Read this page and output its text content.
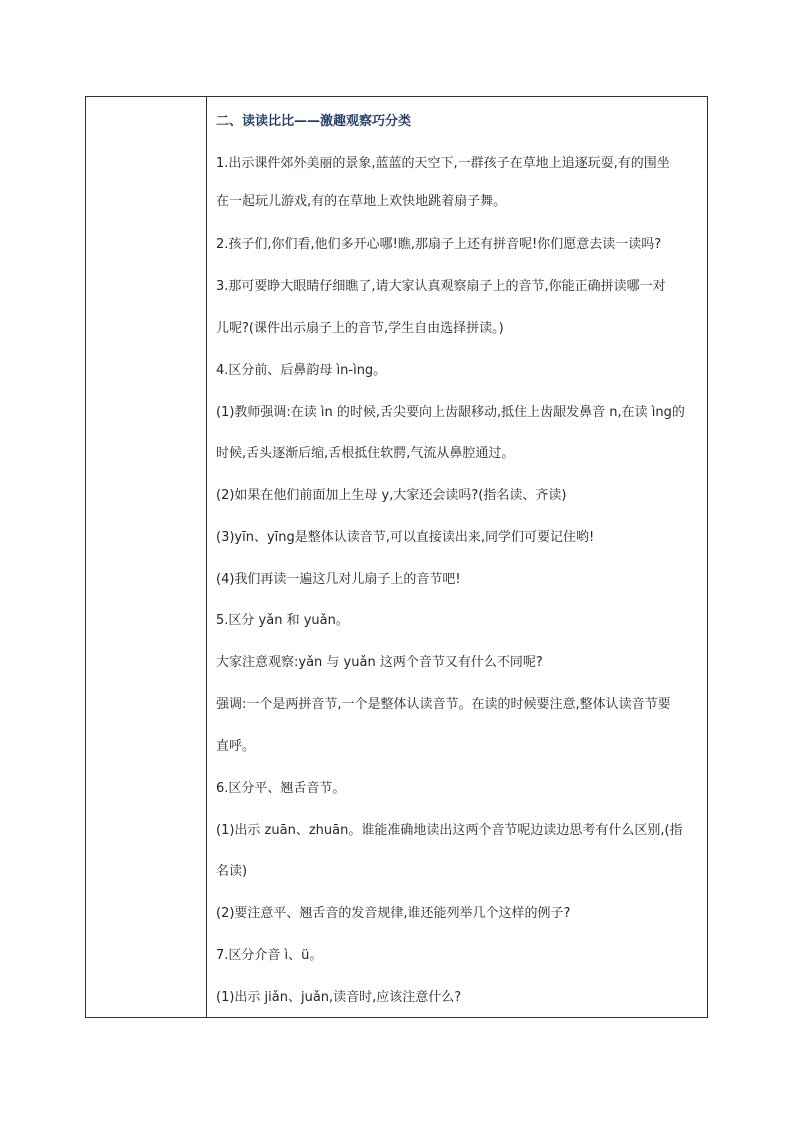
二、读读比比——激趣观察巧分类
1.出示课件郊外美丽的景象,蓝蓝的天空下,一群孩子在草地上追逐玩耍,有的围坐
在一起玩儿游戏,有的在草地上欢快地跳着扇子舞。
2.孩子们,你们看,他们多开心哪!瞧,那扇子上还有拼音呢!你们愿意去读一读吗?
3.那可要睁大眼睛仔细瞧了,请大家认真观察扇子上的音节,你能正确拼读哪一对
儿呢?(课件出示扇子上的音节,学生自由选择拼读。)
4.区分前、后鼻韵母 ìn-ìng。
(1)教师强调:在读 ìn 的时候,舌尖要向上齿龈移动,抵住上齿龈发鼻音 n,在读 ìng的
时候,舌头逐渐后缩,舌根抵住软腭,气流从鼻腔通过。
(2)如果在他们前面加上生母 y,大家还会读吗?(指名读、齐读)
(3)yīn、yīng是整体认读音节,可以直接读出来,同学们可要记住哟!
(4)我们再读一遍这几对儿扇子上的音节吧!
5.区分 yǎn 和 yuǎn。
大家注意观察:yǎn 与 yuǎn 这两个音节又有什么不同呢?
强调:一个是两拼音节,一个是整体认读音节。在读的时候要注意,整体认读音节要
直呼。
6.区分平、翘舌音节。
(1)出示 zuān、zhuān。谁能准确地读出这两个音节呢边读边思考有什么区别,(指
名读)
(2)要注意平、翘舌音的发音规律,谁还能列举几个这样的例子?
7.区分介音 ì、ü。
(1)出示 jiǎn、juǎn,读音时,应该注意什么?
